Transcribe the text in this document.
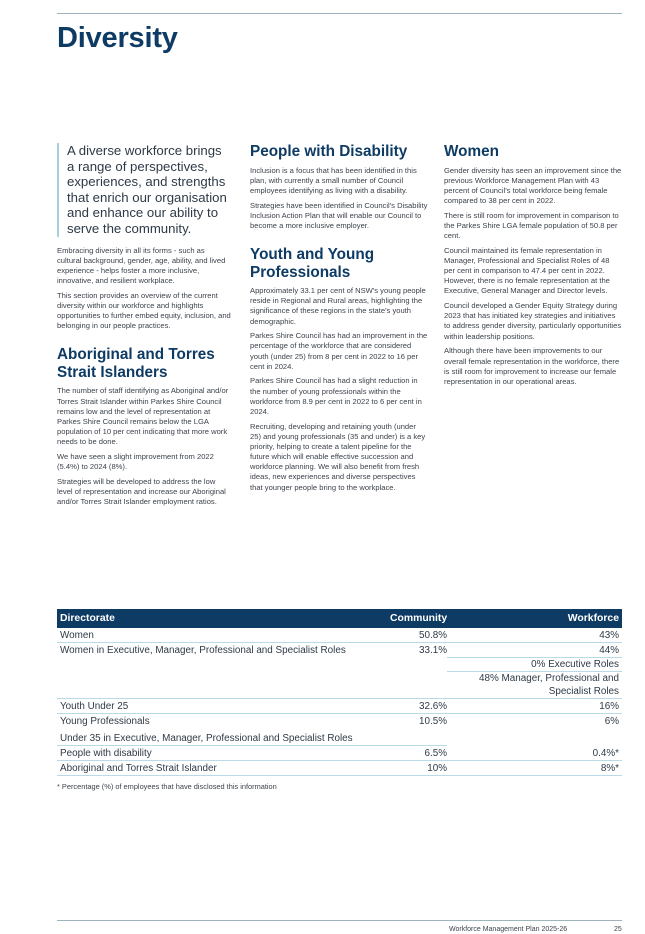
Diversity
A diverse workforce brings a range of perspectives, experiences, and strengths that enrich our organisation and enhance our ability to serve the community.

Embracing diversity in all its forms - such as cultural background, gender, age, ability, and lived experience - helps foster a more inclusive, innovative, and resilient workplace.

This section provides an overview of the current diversity within our workforce and highlights opportunities to further embed equity, inclusion, and belonging in our people practices.

Aboriginal and Torres Strait Islanders

The number of staff identifying as Aboriginal and/or Torres Strait Islander within Parkes Shire Council remains low and the level of representation at Parkes Shire Council remains below the LGA population of 10 per cent indicating that more work needs to be done.

We have seen a slight improvement from 2022 (5.4%) to 2024 (8%).

Strategies will be developed to address the low level of representation and increase our Aboriginal and/or Torres Strait Islander employment ratios.

People with Disability

Inclusion is a focus that has been identified in this plan, with currently a small number of Council employees identifying as living with a disability.

Strategies have been identified in Council's Disability Inclusion Action Plan that will enable our Council to become a more inclusive employer.

Youth and Young Professionals

Approximately 33.1 per cent of NSW's young people reside in Regional and Rural areas, highlighting the significance of these regions in the state's youth demographic.

Parkes Shire Council has had an improvement in the percentage of the workforce that are considered youth (under 25) from 8 per cent in 2022 to 16 per cent in 2024.

Parkes Shire Council has had a slight reduction in the number of young professionals within the workforce from 8.9 per cent in 2022 to 6 per cent in 2024.

Recruiting, developing and retaining youth (under 25) and young professionals (35 and under) is a key priority, helping to create a talent pipeline for the future which will enable effective succession and workforce planning. We will also benefit from fresh ideas, new experiences and diverse perspectives that younger people bring to the workplace.

Women

Gender diversity has seen an improvement since the previous Workforce Management Plan with 43 percent of Council's total workforce being female compared to 38 per cent in 2022.

There is still room for improvement in comparison to the Parkes Shire LGA female population of 50.8 per cent.

Council maintained its female representation in Manager, Professional and Specialist Roles of 48 per cent in comparison to 47.4 per cent in 2022. However, there is no female representation at the Executive, General Manager and Director levels.

Council developed a Gender Equity Strategy during 2023 that has initiated key strategies and initiatives to address gender diversity, particularly opportunities within leadership positions.

Although there have been improvements to our overall female representation in the workforce, there is still room for improvement to increase our female representation in our operational areas.

Directorate	Community	Workforce
Women	50.8%	43%
Women in Executive, Manager, Professional and Specialist Roles	33.1%	44%
0% Executive Roles
48% Manager, Professional and Specialist Roles
Youth Under 25	32.6%	16%
Young Professionals	10.5%	6%
Under 35 in Executive, Manager, Professional and Specialist Roles
People with disability	6.5%	0.4%*
Aboriginal and Torres Strait Islander	10%	8%*
* Percentage (%) of employees that have disclosed this information
Workforce Management Plan 2025-26	25
